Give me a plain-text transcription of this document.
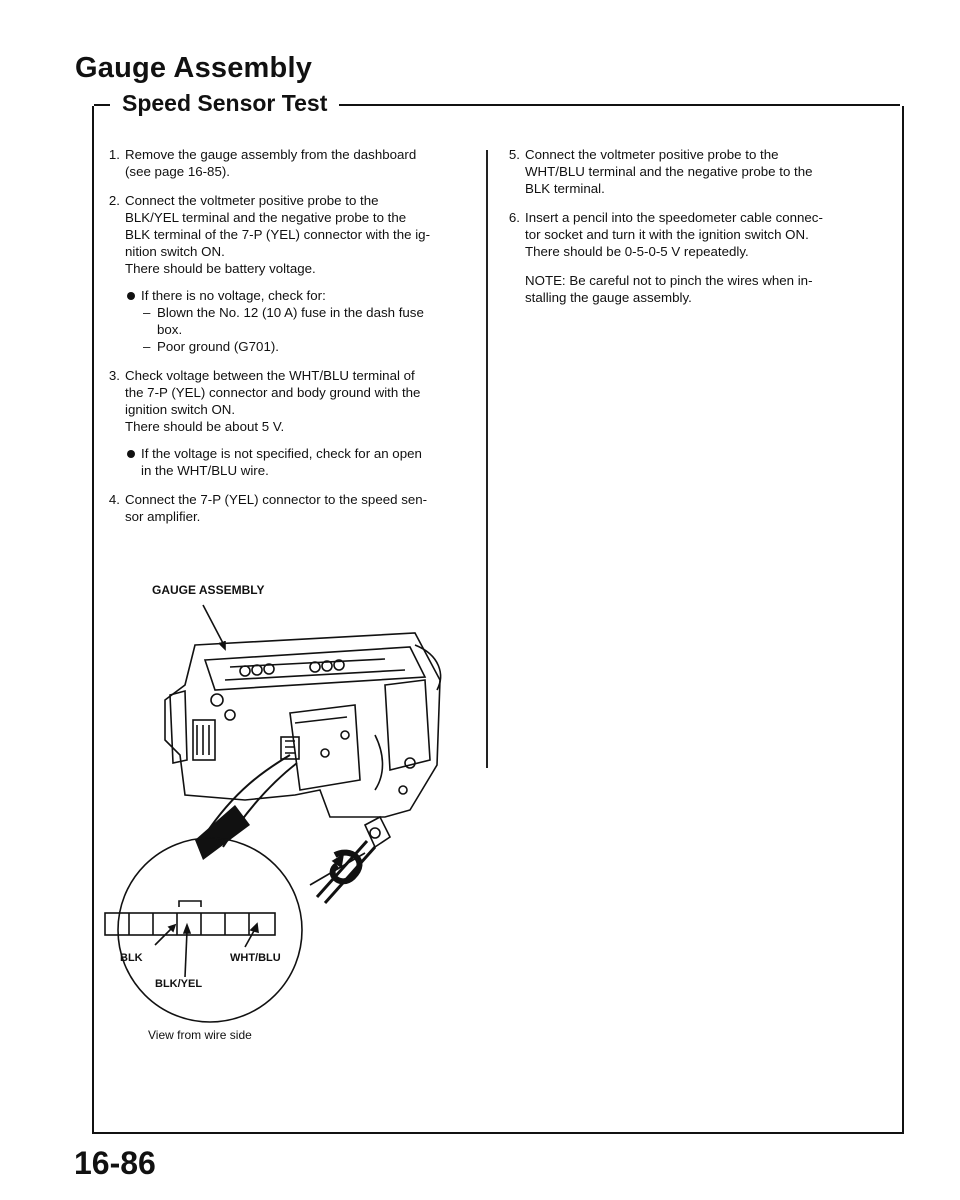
Gauge Assembly
Speed Sensor Test
1. Remove the gauge assembly from the dashboard

(see page 16-85).

2. Connect the voltmeter positive probe to the

BLK/YEL terminal and the negative probe to the

BLK terminal of the 7-P (YEL) connector with the ig-

nition switch ON.

There should be battery voltage.

If there is no voltage, check for:

– Blown the No. 12 (10 A) fuse in the dash fuse

box.

– Poor ground (G701).

3. Check voltage between the WHT/BLU terminal of

the 7-P (YEL) connector and body ground with the

ignition switch ON.

There should be about 5 V.

If the voltage is not specified, check for an open

in the WHT/BLU wire.

4. Connect the 7-P (YEL) connector to the speed sen-

sor amplifier.

5. Connect the voltmeter positive probe to the

WHT/BLU terminal and the negative probe to the

BLK terminal.

6. Insert a pencil into the speedometer cable connec-

tor socket and turn it with the ignition switch ON.

There should be 0-5-0-5 V repeatedly.

NOTE: Be careful not to pinch the wires when in-

stalling the gauge assembly.

GAUGE ASSEMBLY
BLK	WHT/BLU
BLK/YEL
View from wire side
16-86
